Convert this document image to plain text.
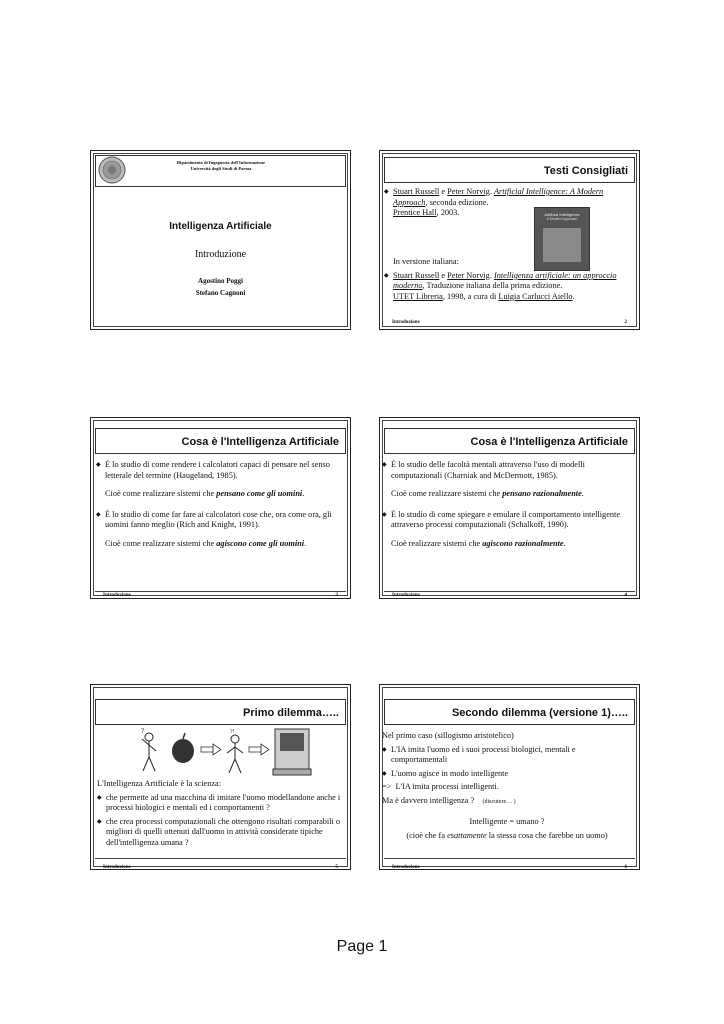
Dipartimento di Ingegneria dell'Informazione
Università degli Studi di Parma
Intelligenza Artificiale
Introduzione
Agostino Poggi
Stefano Cagnoni
Testi Consigliati
◆ Stuart Russell e Peter Norvig. Artificial Intelligence: A Modern Approach, seconda edizione.
Prentice Hall, 2003.	Artificial Intelligence
A Modern Approach
In versione italiana:
◆ Stuart Russell e Peter Norvig. Intelligenza artificiale: un approccio moderno, Traduzione italiana della prima edizione.
UTET Libreria, 1998, a cura di Luigia Carlucci Aiello.
Introduzione	2
Cosa è l'Intelligenza Artificiale
◆ È lo studio di come rendere i calcolatori capaci di pensare nel senso letterale del termine (Haugeland, 1985).
Cioè come realizzare sistemi che pensano come gli uomini.
◆ È lo studio di come far fare ai calcolatori cose che, ora come ora, gli uomini fanno meglio (Rich and Knight, 1991).
Cioè come realizzare sistemi che agiscono come gli uomini.
Introduzione	3
Cosa è l'Intelligenza Artificiale
◆ È lo studio delle facoltà mentali attraverso l'uso di modelli computazionali (Charniak and McDermott, 1985).
Cioè come realizzare sistemi che pensano razionalmente.
◆ È lo studio di come spiegare e emulare il comportamento intelligente attraverso processi computazionali (Schalkoff, 1990).
Cioè realizzare sistemi che agiscono razionalmente.
Introduzione	4
Primo dilemma…..
?	?!
L'Intelligenza Artificiale è la scienza:
◆ che permette ad una macchina di imitare l'uomo modellandone anche i processi biologici e mentali ed i comportamenti ?
◆ che crea processi computazionali che ottengono risultati comparabili o migliori di quelli ottenuti dall'uomo in attività considerate tipiche dell'intelligenza umana ?
Introduzione	5
Secondo dilemma (versione 1)…..
Nel primo caso (sillogismo aristotelico)
◆ L'IA imita l'uomo ed i suoi processi biologici, mentali e comportamentali
◆ L'uomo agisce in modo intelligente
=> L'IA imita processi intelligenti.
Ma è davvero intelligenza ? (discutere… )
Intelligente = umano ?
(cioè che fa esattamente la stessa cosa che farebbe un uomo)
Introduzione	6
Page 1
